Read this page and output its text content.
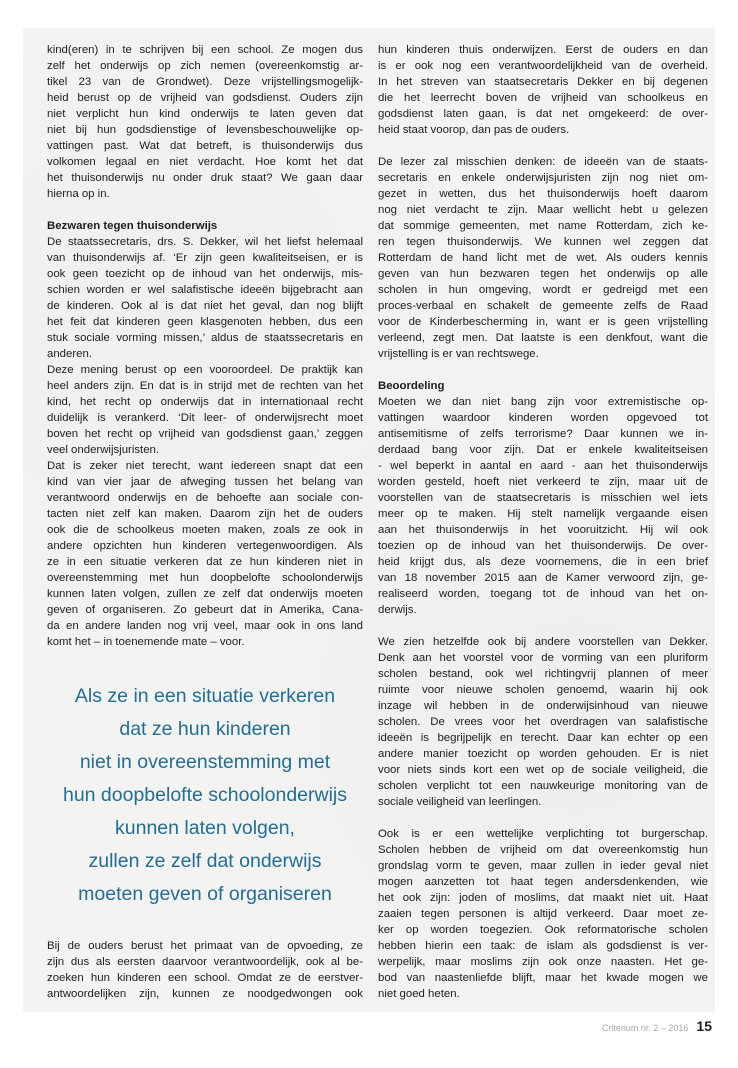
kind(eren) in te schrijven bij een school. Ze mogen dus
zelf het onderwijs op zich nemen (overeenkomstig ar-
tikel 23 van de Grondwet). Deze vrijstellingsmogelijk-
heid berust op de vrijheid van godsdienst. Ouders zijn
niet verplicht hun kind onderwijs te laten geven dat
niet bij hun godsdienstige of levensbeschouwelijke op-
vattingen past. Wat dat betreft, is thuisonderwijs dus
volkomen legaal en niet verdacht. Hoe komt het dat
het thuisonderwijs nu onder druk staat? We gaan daar
hierna op in.
Bezwaren tegen thuisonderwijs
De staatssecretaris, drs. S. Dekker, wil het liefst helemaal
van thuisonderwijs af. ‘Er zijn geen kwaliteitseisen, er is
ook geen toezicht op de inhoud van het onderwijs, mis-
schien worden er wel salafistische ideeën bijgebracht aan
de kinderen. Ook al is dat niet het geval, dan nog blijft
het feit dat kinderen geen klasgenoten hebben, dus een
stuk sociale vorming missen,’ aldus de staatssecretaris en
anderen.
Deze mening berust op een vooroordeel. De praktijk kan
heel anders zijn. En dat is in strijd met de rechten van het
kind, het recht op onderwijs dat in internationaal recht
duidelijk is verankerd. ‘Dit leer- of onderwijsrecht moet
boven het recht op vrijheid van godsdienst gaan,’ zeggen
veel onderwijsjuristen.
Dat is zeker niet terecht, want iedereen snapt dat een
kind van vier jaar de afweging tussen het belang van
verantwoord onderwijs en de behoefte aan sociale con-
tacten niet zelf kan maken. Daarom zijn het de ouders
ook die de schoolkeus moeten maken, zoals ze ook in
andere opzichten hun kinderen vertegenwoordigen. Als
ze in een situatie verkeren dat ze hun kinderen niet in
overeenstemming met hun doopbelofte schoolonderwijs
kunnen laten volgen, zullen ze zelf dat onderwijs moeten
geven of organiseren. Zo gebeurt dat in Amerika, Cana-
da en andere landen nog vrij veel, maar ook in ons land
komt het – in toenemende mate – voor.
Als ze in een situatie verkeren
dat ze hun kinderen
niet in overeenstemming met
hun doopbelofte schoolonderwijs
kunnen laten volgen,
zullen ze zelf dat onderwijs
moeten geven of organiseren
Bij de ouders berust het primaat van de opvoeding, ze
zijn dus als eersten daarvoor verantwoordelijk, ook al be-
zoeken hun kinderen een school. Omdat ze de eerstver-
antwoordelijken zijn, kunnen ze noodgedwongen ook
hun kinderen thuis onderwijzen. Eerst de ouders en dan
is er ook nog een verantwoordelijkheid van de overheid.
In het streven van staatsecretaris Dekker en bij degenen
die het leerrecht boven de vrijheid van schoolkeus en
godsdienst laten gaan, is dat net omgekeerd: de over-
heid staat voorop, dan pas de ouders.
De lezer zal misschien denken: de ideeën van de staats-
secretaris en enkele onderwijsjuristen zijn nog niet om-
gezet in wetten, dus het thuisonderwijs hoeft daarom
nog niet verdacht te zijn. Maar wellicht hebt u gelezen
dat sommige gemeenten, met name Rotterdam, zich ke-
ren tegen thuisonderwijs. We kunnen wel zeggen dat
Rotterdam de hand licht met de wet. Als ouders kennis
geven van hun bezwaren tegen het onderwijs op alle
scholen in hun omgeving, wordt er gedreigd met een
proces-verbaal en schakelt de gemeente zelfs de Raad
voor de Kinderbescherming in, want er is geen vrijstelling
verleend, zegt men. Dat laatste is een denkfout, want die
vrijstelling is er van rechtswege.
Beoordeling
Moeten we dan niet bang zijn voor extremistische op-
vattingen waardoor kinderen worden opgevoed tot
antisemitisme of zelfs terrorisme? Daar kunnen we in-
derdaad bang voor zijn. Dat er enkele kwaliteitseisen
- wel beperkt in aantal en aard - aan het thuisonderwijs
worden gesteld, hoeft niet verkeerd te zijn, maar uit de
voorstellen van de staatsecretaris is misschien wel iets
meer op te maken. Hij stelt namelijk vergaande eisen
aan het thuisonderwijs in het vooruitzicht. Hij wil ook
toezien op de inhoud van het thuisonderwijs. De over-
heid krijgt dus, als deze voornemens, die in een brief
van 18 november 2015 aan de Kamer verwoord zijn, ge-
realiseerd worden, toegang tot de inhoud van het on-
derwijs.
We zien hetzelfde ook bij andere voorstellen van Dekker.
Denk aan het voorstel voor de vorming van een pluriform
scholen bestand, ook wel richtingvrij plannen of meer
ruimte voor nieuwe scholen genoemd, waarin hij ook
inzage wil hebben in de onderwijsinhoud van nieuwe
scholen. De vrees voor het overdragen van salafistische
ideeën is begrijpelijk en terecht. Daar kan echter op een
andere manier toezicht op worden gehouden. Er is niet
voor niets sinds kort een wet op de sociale veiligheid, die
scholen verplicht tot een nauwkeurige monitoring van de
sociale veiligheid van leerlingen.
Ook is er een wettelijke verplichting tot burgerschap.
Scholen hebben de vrijheid om dat overeenkomstig hun
grondslag vorm te geven, maar zullen in ieder geval niet
mogen aanzetten tot haat tegen andersdenkenden, wie
het ook zijn: joden of moslims, dat maakt niet uit. Haat
zaaien tegen personen is altijd verkeerd. Daar moet ze-
ker op worden toegezien. Ook reformatorische scholen
hebben hierin een taak: de islam als godsdienst is ver-
werpelijk, maar moslims zijn ook onze naasten. Het ge-
bod van naastenliefde blijft, maar het kwade mogen we
niet goed heten.
Criterium nr. 2 – 2016 15
